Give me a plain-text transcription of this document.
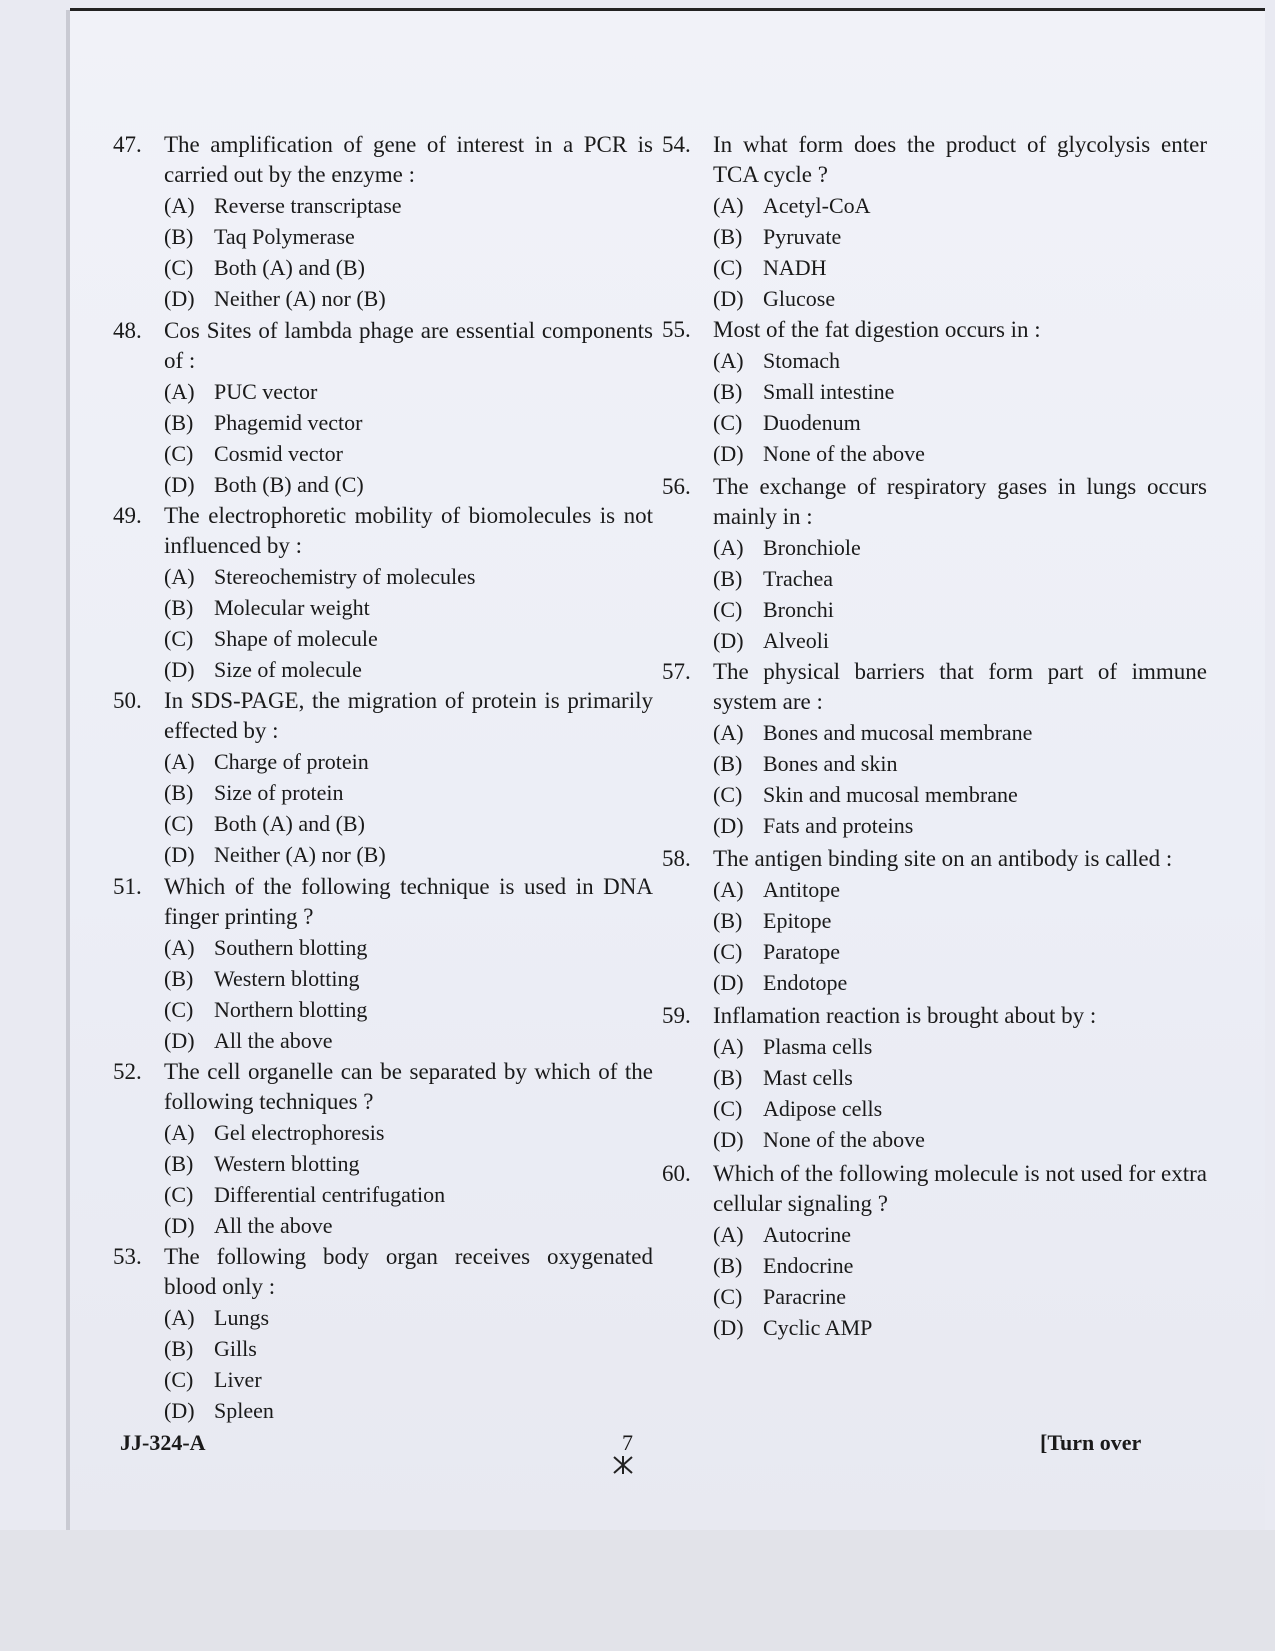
47. The amplification of gene of interest in a PCR is carried out by the enzyme :
(A) Reverse transcriptase
(B) Taq Polymerase
(C) Both (A) and (B)
(D) Neither (A) nor (B)
48. Cos Sites of lambda phage are essential components of :
(A) PUC vector
(B) Phagemid vector
(C) Cosmid vector
(D) Both (B) and (C)
49. The electrophoretic mobility of biomolecules is not influenced by :
(A) Stereochemistry of molecules
(B) Molecular weight
(C) Shape of molecule
(D) Size of molecule
50. In SDS-PAGE, the migration of protein is primarily effected by :
(A) Charge of protein
(B) Size of protein
(C) Both (A) and (B)
(D) Neither (A) nor (B)
51. Which of the following technique is used in DNA finger printing ?
(A) Southern blotting
(B) Western blotting
(C) Northern blotting
(D) All the above
52. The cell organelle can be separated by which of the following techniques ?
(A) Gel electrophoresis
(B) Western blotting
(C) Differential centrifugation
(D) All the above
53. The following body organ receives oxygenated blood only :
(A) Lungs
(B) Gills
(C) Liver
(D) Spleen
54. In what form does the product of glycolysis enter TCA cycle ?
(A) Acetyl-CoA
(B) Pyruvate
(C) NADH
(D) Glucose
55. Most of the fat digestion occurs in :
(A) Stomach
(B) Small intestine
(C) Duodenum
(D) None of the above
56. The exchange of respiratory gases in lungs occurs mainly in :
(A) Bronchiole
(B) Trachea
(C) Bronchi
(D) Alveoli
57. The physical barriers that form part of immune system are :
(A) Bones and mucosal membrane
(B) Bones and skin
(C) Skin and mucosal membrane
(D) Fats and proteins
58. The antigen binding site on an antibody is called :
(A) Antitope
(B) Epitope
(C) Paratope
(D) Endotope
59. Inflamation reaction is brought about by :
(A) Plasma cells
(B) Mast cells
(C) Adipose cells
(D) None of the above
60. Which of the following molecule is not used for extra cellular signaling ?
(A) Autocrine
(B) Endocrine
(C) Paracrine
(D) Cyclic AMP
JJ-324-A	7	[Turn over
